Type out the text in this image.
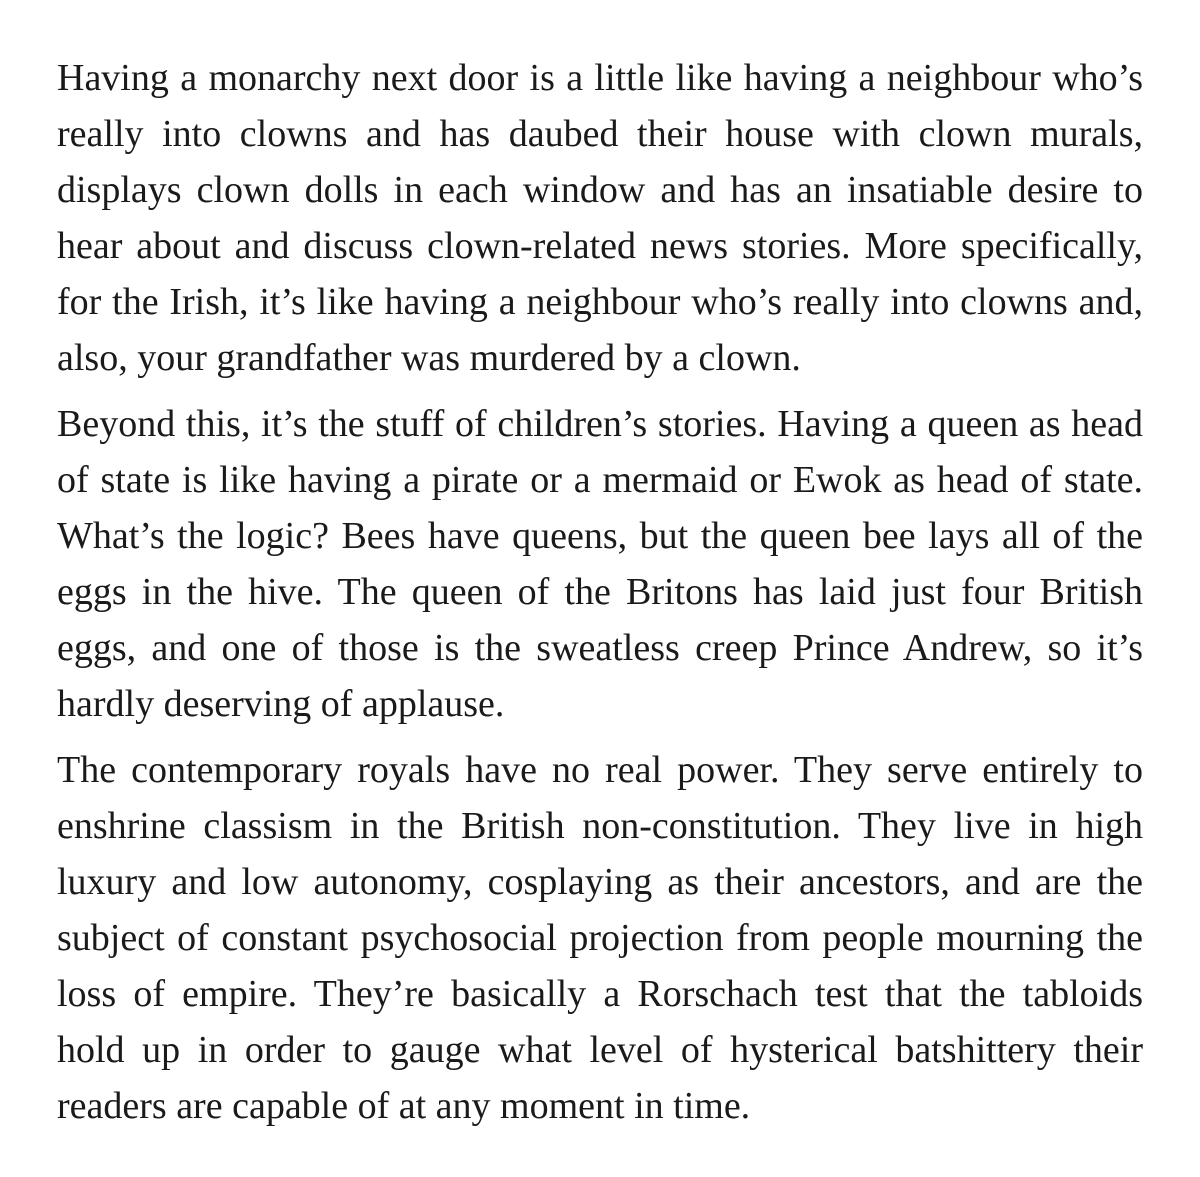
Having a monarchy next door is a little like having a neighbour who’s really into clowns and has daubed their house with clown murals, displays clown dolls in each window and has an insatiable desire to hear about and discuss clown-related news stories. More specifically, for the Irish, it’s like having a neighbour who’s really into clowns and, also, your grandfather was murdered by a clown.

Beyond this, it’s the stuff of children’s stories. Having a queen as head of state is like having a pirate or a mermaid or Ewok as head of state. What’s the logic? Bees have queens, but the queen bee lays all of the eggs in the hive. The queen of the Britons has laid just four British eggs, and one of those is the sweatless creep Prince Andrew, so it’s hardly deserving of applause.

The contemporary royals have no real power. They serve entirely to enshrine classism in the British non-constitution. They live in high luxury and low autonomy, cosplaying as their ancestors, and are the subject of constant psychosocial projection from people mourning the loss of empire. They’re basically a Rorschach test that the tabloids hold up in order to gauge what level of hysterical batshittery their readers are capable of at any moment in time.
